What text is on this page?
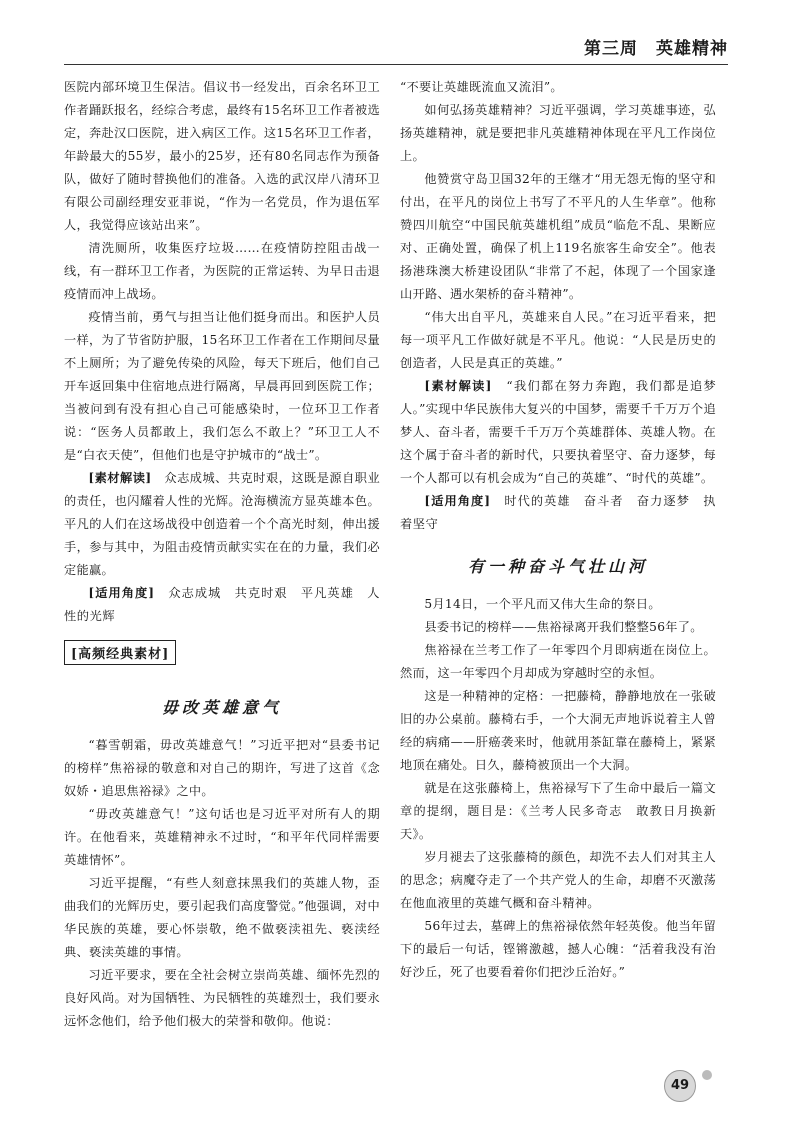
第三周　英雄精神

医院内部环境卫生保洁。倡议书一经发出，百余名环卫工作者踊跃报名，经综合考虑，最终有15名环卫工作者被选定，奔赴汉口医院，进入病区工作。这15名环卫工作者，年龄最大的55岁，最小的25岁，还有80名同志作为预备队，做好了随时替换他们的准备。入选的武汉岸八清环卫有限公司副经理安亚菲说，“作为一名党员，作为退伍军人，我觉得应该站出来”。

清洗厕所，收集医疗垃圾……在疫情防控阻击战一线，有一群环卫工作者，为医院的正常运转、为早日击退疫情而冲上战场。

疫情当前，勇气与担当让他们挺身而出。和医护人员一样，为了节省防护服，15名环卫工作者在工作期间尽量不上厕所；为了避免传染的风险，每天下班后，他们自己开车返回集中住宿地点进行隔离，早晨再回到医院工作；当被问到有没有担心自己可能感染时，一位环卫工作者说：“医务人员都敢上，我们怎么不敢上？”环卫工人不是“白衣天使”，但他们也是守护城市的“战士”。

[素材解读]　 众志成城、共克时艰，这既是源自职业的责任，也闪耀着人性的光辉。沧海横流方显英雄本色。平凡的人们在这场战役中创造着一个个高光时刻，伸出援手，参与其中，为阻击疫情贡献实实在在的力量，我们必定能赢。

[适用角度]　 众志成城　共克时艰　平凡英雄　人性的光辉

[高频经典素材]
毋改英雄意气

“暮雪朝霜，毋改英雄意气！”习近平把对“县委书记的榜样”焦裕禄的敬意和对自己的期许，写进了这首《念奴娇・追思焦裕禄》之中。

“毋改英雄意气！”这句话也是习近平对所有人的期许。在他看来，英雄精神永不过时，“和平年代同样需要英雄情怀”。

习近平提醒，“有些人刻意抹黑我们的英雄人物，歪曲我们的光辉历史，要引起我们高度警觉。”他强调，对中华民族的英雄，要心怀崇敬，绝不做亵渎祖先、亵渎经典、亵渎英雄的事情。

习近平要求，要在全社会树立崇尚英雄、缅怀先烈的良好风尚。对为国牺牲、为民牺牲的英雄烈士，我们要永远怀念他们，给予他们极大的荣誉和敬仰。他说：

“不要让英雄既流血又流泪”。

如何弘扬英雄精神？习近平强调，学习英雄事迹，弘扬英雄精神，就是要把非凡英雄精神体现在平凡工作岗位上。

他赞赏守岛卫国32年的王继才“用无怨无悔的坚守和付出，在平凡的岗位上书写了不平凡的人生华章”。他称赞四川航空“中国民航英雄机组”成员“临危不乱、果断应对、正确处置，确保了机上119名旅客生命安全”。他表扬港珠澳大桥建设团队“非常了不起，体现了一个国家逢山开路、遇水架桥的奋斗精神”。

“伟大出自平凡，英雄来自人民。”在习近平看来，把每一项平凡工作做好就是不平凡。他说：“人民是历史的创造者，人民是真正的英雄。”

[素材解读]　 “我们都在努力奔跑，我们都是追梦人。”实现中华民族伟大复兴的中国梦，需要千千万万个追梦人、奋斗者，需要千千万万个英雄群体、英雄人物。在这个属于奋斗者的新时代，只要执着坚守、奋力逐梦，每一个人都可以有机会成为“自己的英雄”、“时代的英雄”。

[适用角度]　 时代的英雄　奋斗者　奋力逐梦　执着坚守

有一种奋斗气壮山河

5月14日，一个平凡而又伟大生命的祭日。

县委书记的榜样——焦裕禄离开我们整整56年了。

焦裕禄在兰考工作了一年零四个月即病逝在岗位上。然而，这一年零四个月却成为穿越时空的永恒。

这是一种精神的定格：一把藤椅，静静地放在一张破旧的办公桌前。藤椅右手，一个大洞无声地诉说着主人曾经的病痛——肝癌袭来时，他就用茶缸靠在藤椅上，紧紧地顶在痛处。日久，藤椅被顶出一个大洞。

就是在这张藤椅上，焦裕禄写下了生命中最后一篇文章的提纲，题目是：《兰考人民多奇志　敢教日月换新天》。

岁月褪去了这张藤椅的颜色，却洗不去人们对其主人的思念；病魔夺走了一个共产党人的生命，却磨不灭激荡在他血液里的英雄气概和奋斗精神。

56年过去，墓碑上的焦裕禄依然年轻英俊。他当年留下的最后一句话，铿锵激越，撼人心魄：“活着我没有治好沙丘，死了也要看着你们把沙丘治好。”

49
